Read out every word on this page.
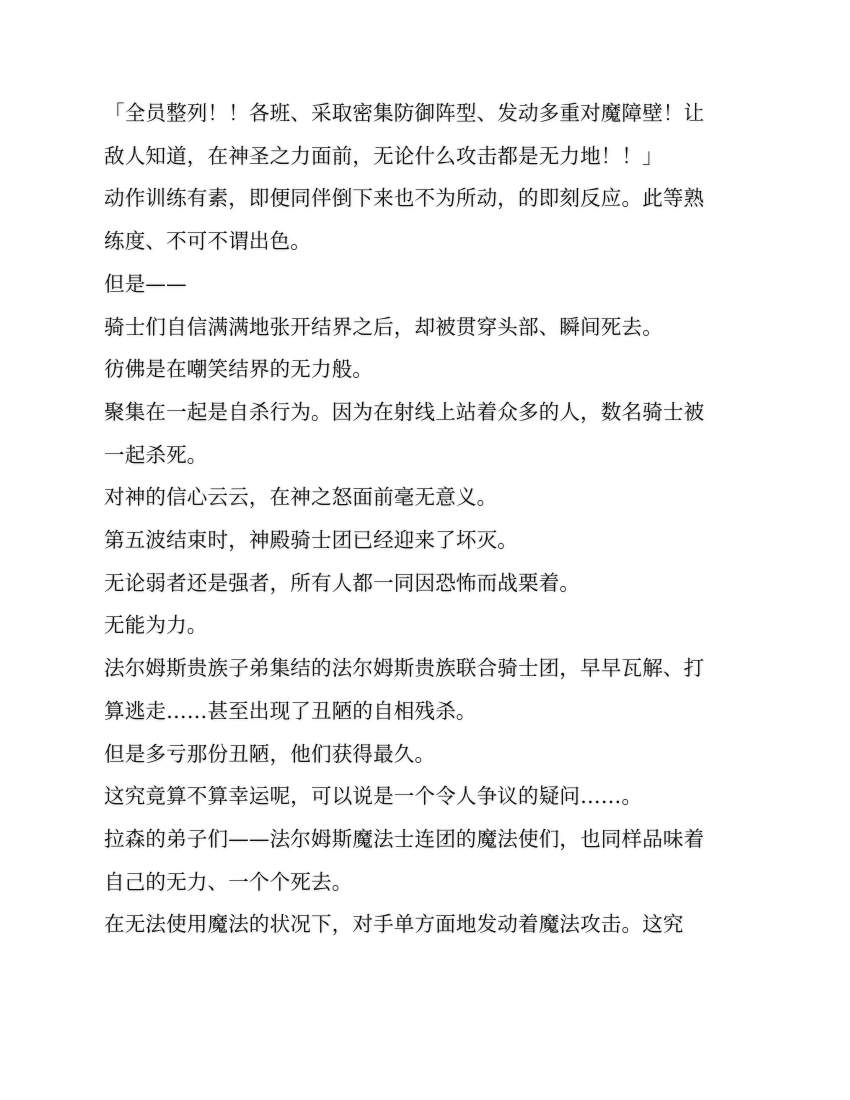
「全员整列！！各班、采取密集防御阵型、发动多重对魔障壁！让
敌人知道，在神圣之力面前，无论什么攻击都是无力地！！」

动作训练有素，即便同伴倒下来也不为所动，的即刻反应。此等熟
练度、不可不谓出色。

但是——

骑士们自信满满地张开结界之后，却被贯穿头部、瞬间死去。

彷佛是在嘲笑结界的无力般。

聚集在一起是自杀行为。因为在射线上站着众多的人，数名骑士被
一起杀死。

对神的信心云云，在神之怒面前毫无意义。

第五波结束时，神殿骑士团已经迎来了坏灭。

无论弱者还是强者，所有人都一同因恐怖而战栗着。

无能为力。

法尔姆斯贵族子弟集结的法尔姆斯贵族联合骑士团，早早瓦解、打
算逃走……甚至出现了丑陋的自相残杀。

但是多亏那份丑陋，他们获得最久。

这究竟算不算幸运呢，可以说是一个令人争议的疑问……。

拉森的弟子们——法尔姆斯魔法士连团的魔法使们，也同样品味着
自己的无力、一个个死去。

在无法使用魔法的状况下，对手单方面地发动着魔法攻击。这究
